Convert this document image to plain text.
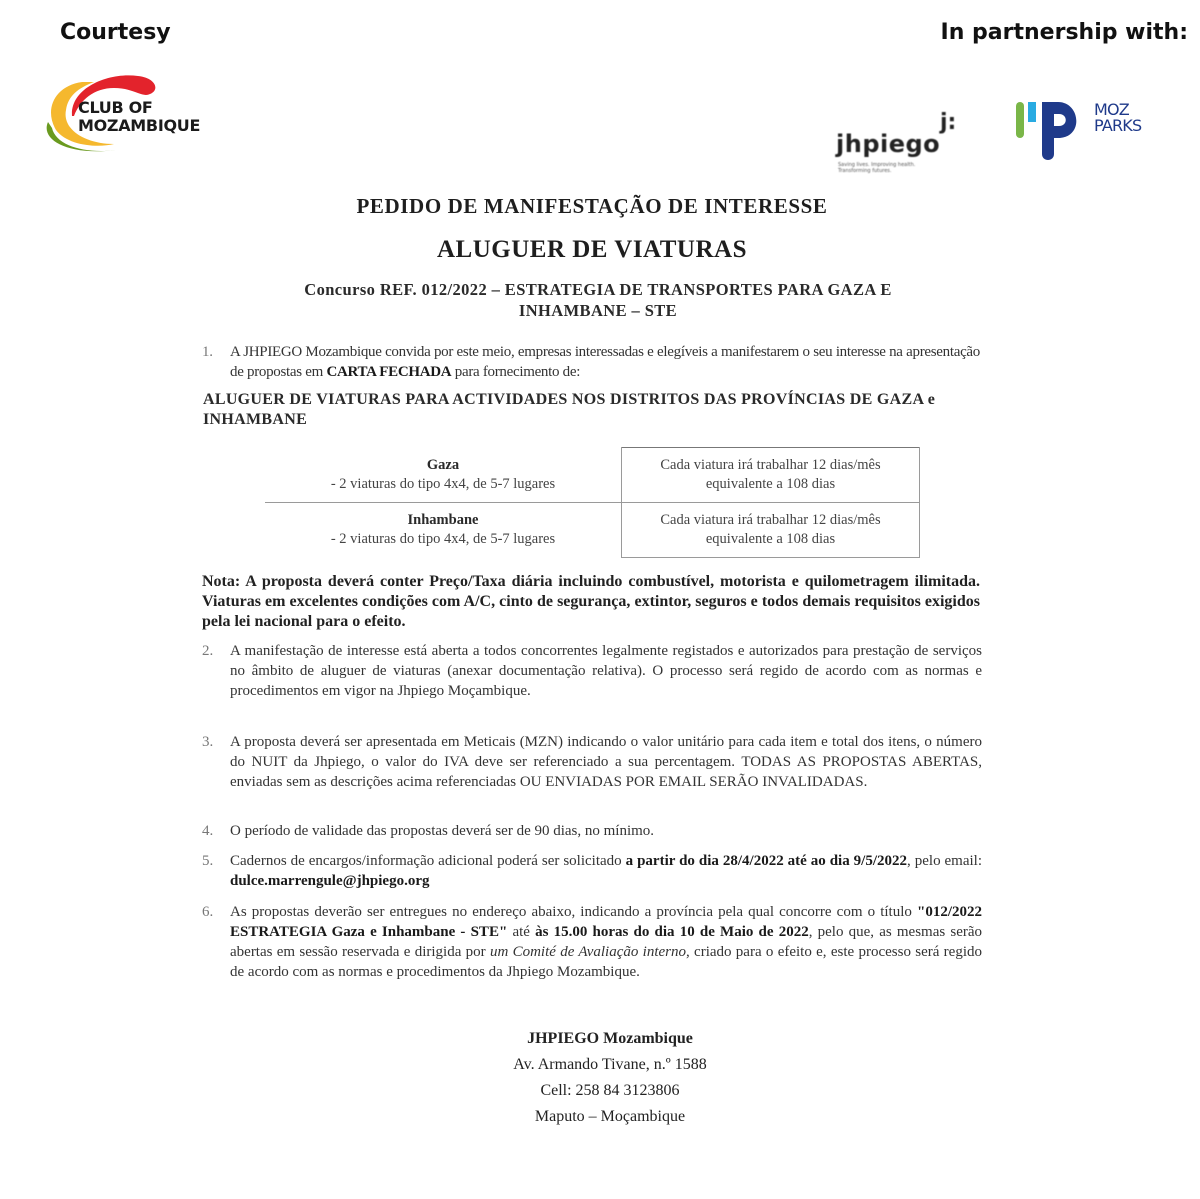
Courtesy	In partnership with:
CLUB OF
MOZAMBIQUE	j:
jhpiego
Saving lives. Improving health. Transforming futures.
MOZ
PARKS
PEDIDO DE MANIFESTAÇÃO DE INTERESSE
ALUGUER DE VIATURAS
Concurso REF. 012/2022 – ESTRATEGIA DE TRANSPORTES PARA GAZA E INHAMBANE – STE
1. A JHPIEGO Mozambique convida por este meio, empresas interessadas e elegíveis a manifestarem o seu interesse na apresentação de propostas em CARTA FECHADA para fornecimento de:
ALUGUER DE VIATURAS PARA ACTIVIDADES NOS DISTRITOS DAS PROVÍNCIAS DE GAZA e INHAMBANE
Gaza
- 2 viaturas do tipo 4x4, de 5-7 lugares	Cada viatura irá trabalhar 12 dias/mês equivalente a 108 dias

Inhambane
- 2 viaturas do tipo 4x4, de 5-7 lugares	Cada viatura irá trabalhar 12 dias/mês equivalente a 108 dias
Nota: A proposta deverá conter Preço/Taxa diária incluindo combustível, motorista e quilometragem ilimitada. Viaturas em excelentes condições com A/C, cinto de segurança, extintor, seguros e todos demais requisitos exigidos pela lei nacional para o efeito.
2. A manifestação de interesse está aberta a todos concorrentes legalmente registados e autorizados para prestação de serviços no âmbito de aluguer de viaturas (anexar documentação relativa). O processo será regido de acordo com as normas e procedimentos em vigor na Jhpiego Moçambique.
3. A proposta deverá ser apresentada em Meticais (MZN) indicando o valor unitário para cada item e total dos itens, o número do NUIT da Jhpiego, o valor do IVA deve ser referenciado a sua percentagem. TODAS AS PROPOSTAS ABERTAS, enviadas sem as descrições acima referenciadas OU ENVIADAS POR EMAIL SERÃO INVALIDADAS.
4. O período de validade das propostas deverá ser de 90 dias, no mínimo.
5. Cadernos de encargos/informação adicional poderá ser solicitado a partir do dia 28/4/2022 até ao dia 9/5/2022, pelo email: dulce.marrengule@jhpiego.org
6. As propostas deverão ser entregues no endereço abaixo, indicando a província pela qual concorre com o título "012/2022 ESTRATEGIA Gaza e Inhambane - STE" até às 15.00 horas do dia 10 de Maio de 2022, pelo que, as mesmas serão abertas em sessão reservada e dirigida por um Comité de Avaliação interno, criado para o efeito e, este processo será regido de acordo com as normas e procedimentos da Jhpiego Mozambique.
JHPIEGO Mozambique
Av. Armando Tivane, n.º 1588
Cell: 258 84 3123806
Maputo – Moçambique
